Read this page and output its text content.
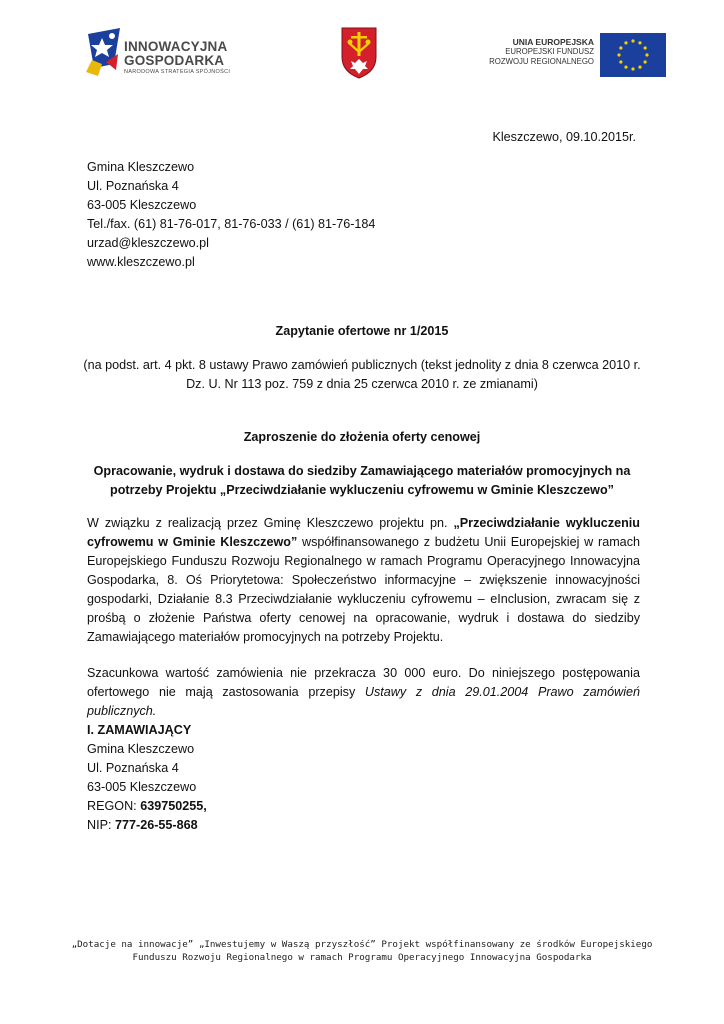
INNOWACYJNA
GOSPODARKA
NARODOWA STRATEGIA SPÓJNOŚCI
UNIA EUROPEJSKA
EUROPEJSKI FUNDUSZ
ROZWOJU REGIONALNEGO
Kleszczewo, 09.10.2015r.
Gmina Kleszczewo
Ul. Poznańska 4
63-005 Kleszczewo
Tel./fax. (61) 81-76-017, 81-76-033 / (61) 81-76-184
urzad@kleszczewo.pl
www.kleszczewo.pl
Zapytanie ofertowe nr 1/2015
(na podst. art. 4 pkt. 8 ustawy Prawo zamówień publicznych (tekst jednolity z dnia 8 czerwca 2010 r.
Dz. U. Nr 113 poz. 759 z dnia 25 czerwca 2010 r. ze zmianami)
Zaproszenie do złożenia oferty cenowej
Opracowanie, wydruk i dostawa do siedziby Zamawiającego materiałów promocyjnych na
potrzeby Projektu „Przeciwdziałanie wykluczeniu cyfrowemu w Gminie Kleszczewo”
W związku z realizacją przez Gminę Kleszczewo projektu pn. „Przeciwdziałanie wykluczeniu cyfrowemu w Gminie Kleszczewo” współfinansowanego z budżetu Unii Europejskiej w ramach Europejskiego Funduszu Rozwoju Regionalnego w ramach Programu Operacyjnego Innowacyjna Gospodarka, 8. Oś Priorytetowa: Społeczeństwo informacyjne – zwiększenie innowacyjności gospodarki, Działanie 8.3 Przeciwdziałanie wykluczeniu cyfrowemu – eInclusion, zwracam się z prośbą o złożenie Państwa oferty cenowej na opracowanie, wydruk i dostawa do siedziby Zamawiającego materiałów promocyjnych na potrzeby Projektu.
Szacunkowa wartość zamówienia nie przekracza 30 000 euro. Do niniejszego postępowania ofertowego nie mają zastosowania przepisy Ustawy z dnia 29.01.2004 Prawo zamówień publicznych.
I. ZAMAWIAJĄCY
Gmina Kleszczewo
Ul. Poznańska 4
63-005 Kleszczewo
REGON: 639750255,
NIP: 777-26-55-868
„Dotacje na innowacje” „Inwestujemy w Waszą przyszłość” Projekt współfinansowany ze środków Europejskiego
Funduszu Rozwoju Regionalnego w ramach Programu Operacyjnego Innowacyjna Gospodarka
